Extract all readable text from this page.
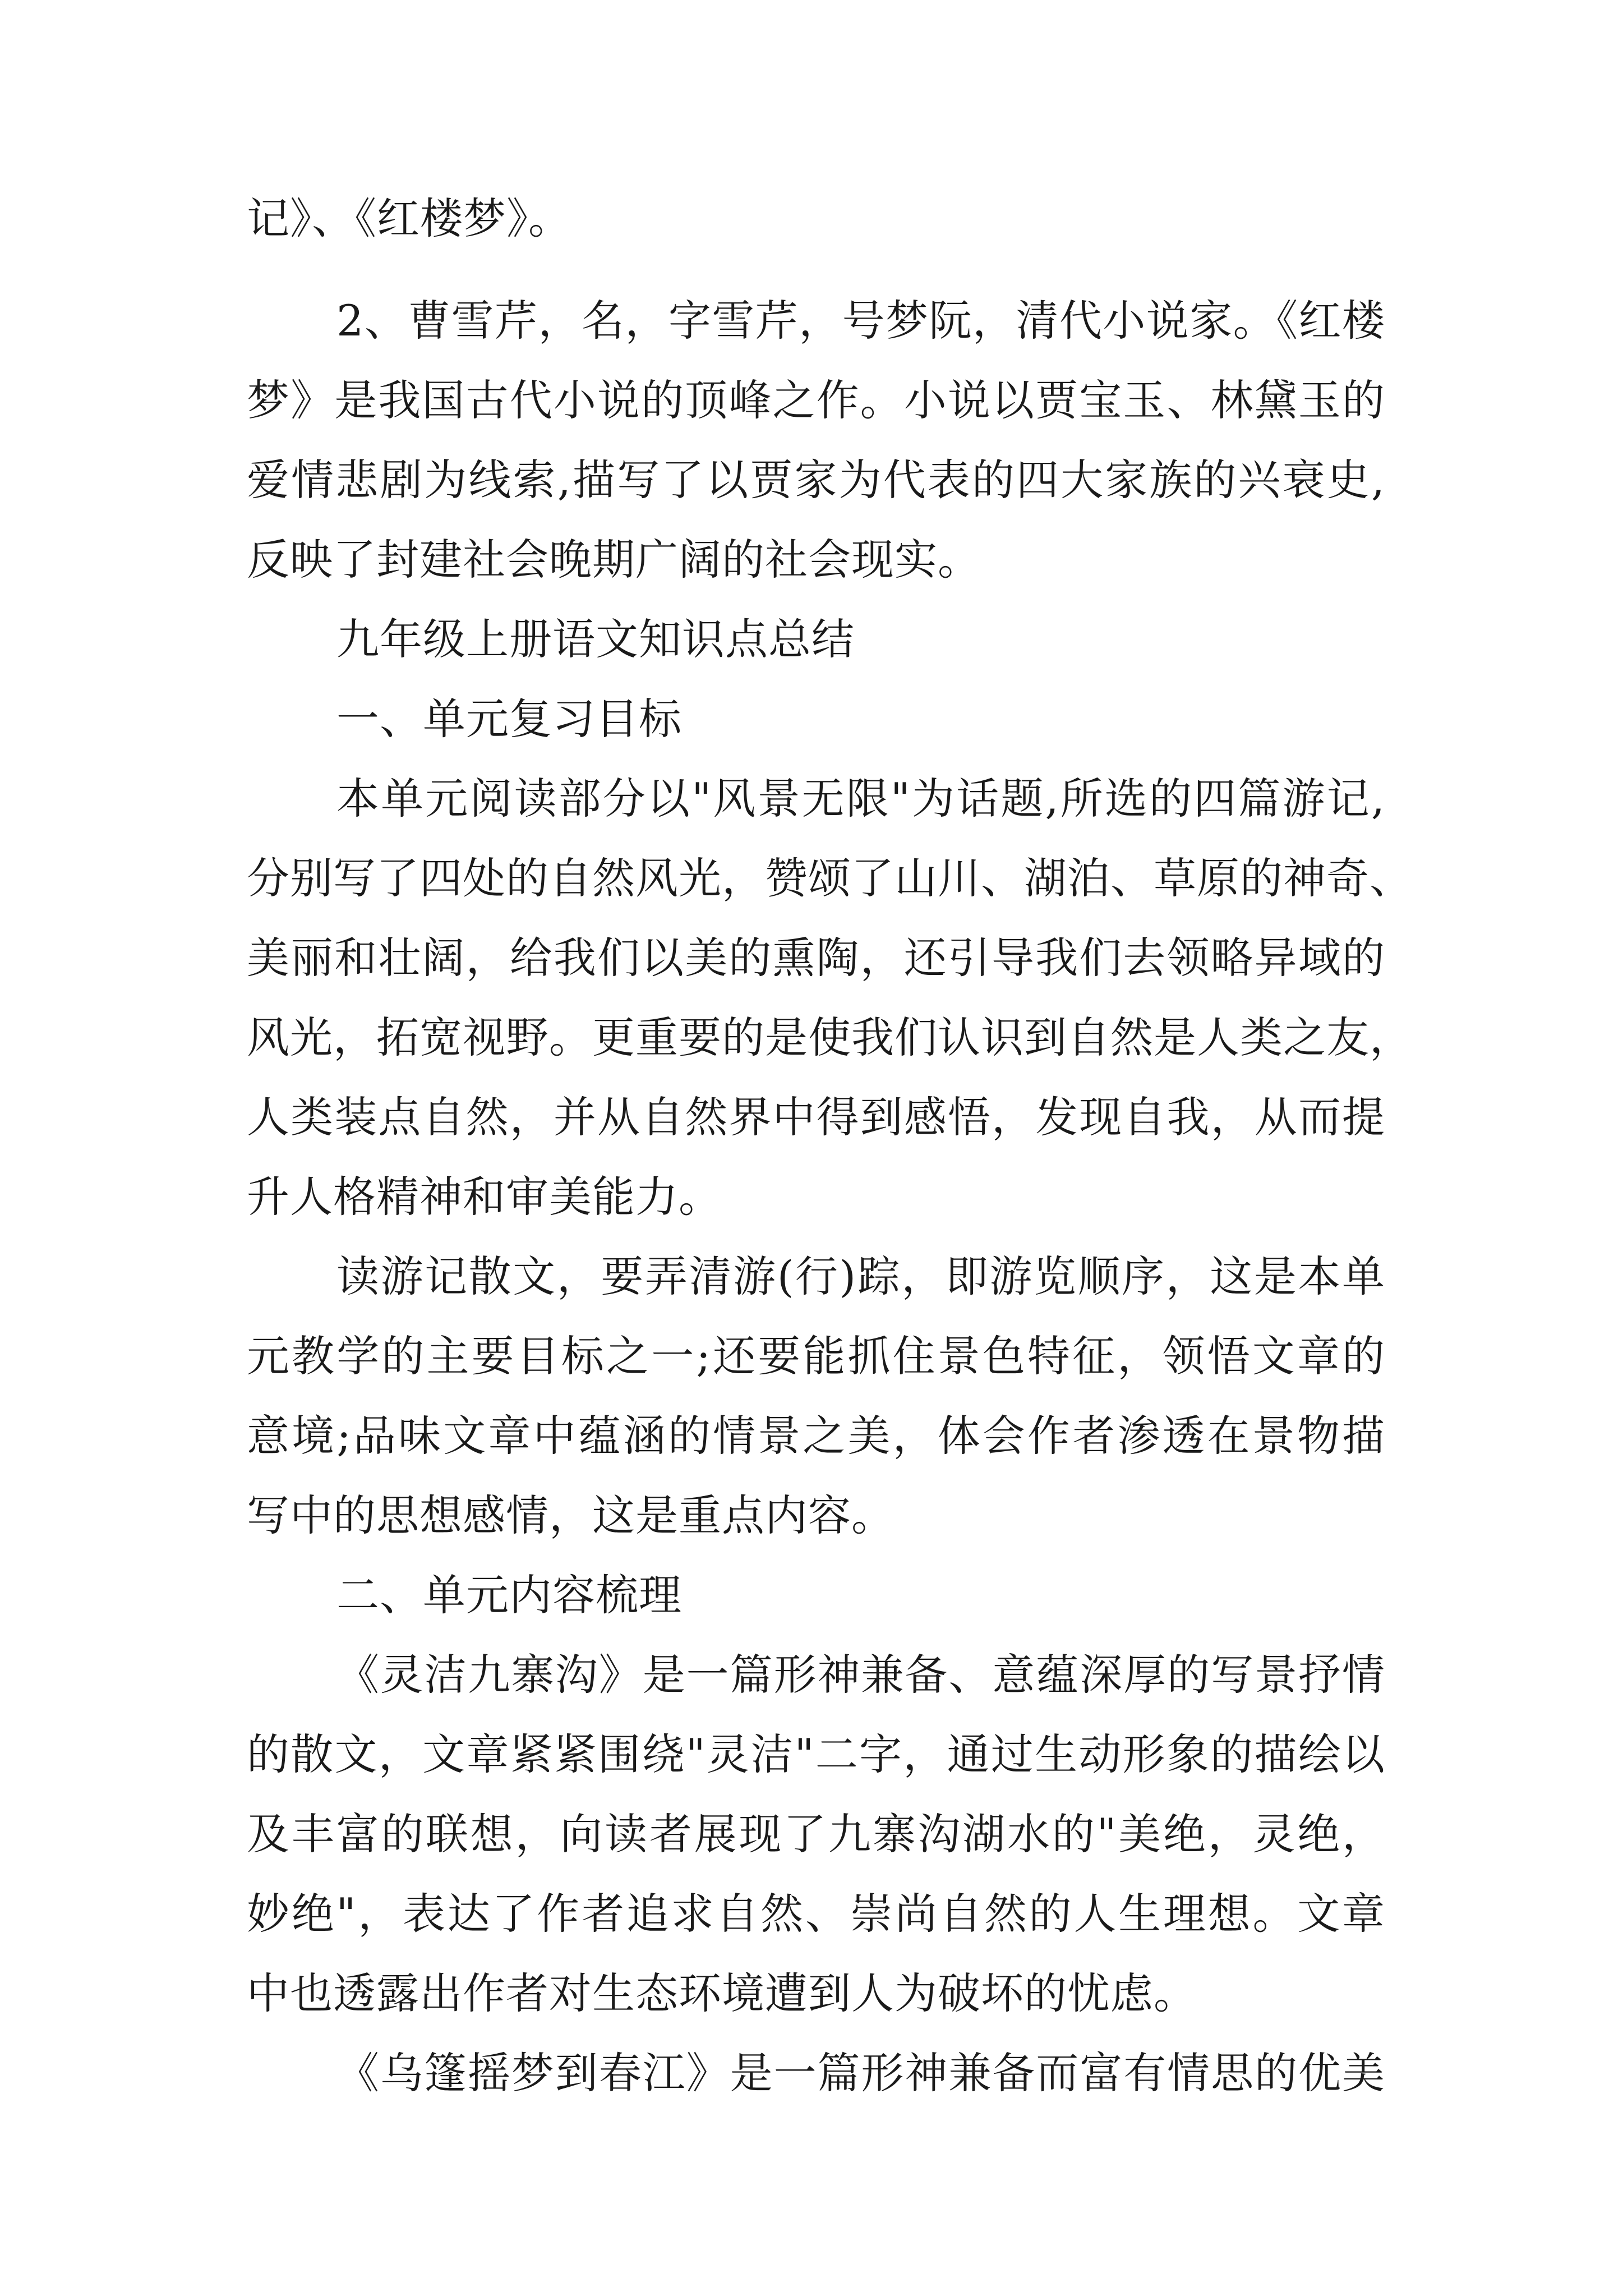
记》、《红楼梦》。
2、曹雪芹，名，字雪芹，号梦阮，清代小说家。《红楼
梦》是我国古代小说的顶峰之作。小说以贾宝玉、林黛玉的
爱情悲剧为线索,描写了以贾家为代表的四大家族的兴衰史,
反映了封建社会晚期广阔的社会现实。
九年级上册语文知识点总结
一、单元复习目标
本单元阅读部分以"风景无限"为话题,所选的四篇游记,
分别写了四处的自然风光，赞颂了山川、湖泊、草原的神奇、
美丽和壮阔，给我们以美的熏陶，还引导我们去领略异域的
风光，拓宽视野。更重要的是使我们认识到自然是人类之友，
人类装点自然，并从自然界中得到感悟，发现自我，从而提
升人格精神和审美能力。
读游记散文，要弄清游(行)踪，即游览顺序，这是本单
元教学的主要目标之一;还要能抓住景色特征，领悟文章的
意境;品味文章中蕴涵的情景之美，体会作者渗透在景物描
写中的思想感情，这是重点内容。
二、单元内容梳理
《灵洁九寨沟》是一篇形神兼备、意蕴深厚的写景抒情
的散文，文章紧紧围绕"灵洁"二字，通过生动形象的描绘以
及丰富的联想，向读者展现了九寨沟湖水的"美绝，灵绝，
妙绝"，表达了作者追求自然、崇尚自然的人生理想。文章
中也透露出作者对生态环境遭到人为破坏的忧虑。
《乌篷摇梦到春江》是一篇形神兼备而富有情思的优美
